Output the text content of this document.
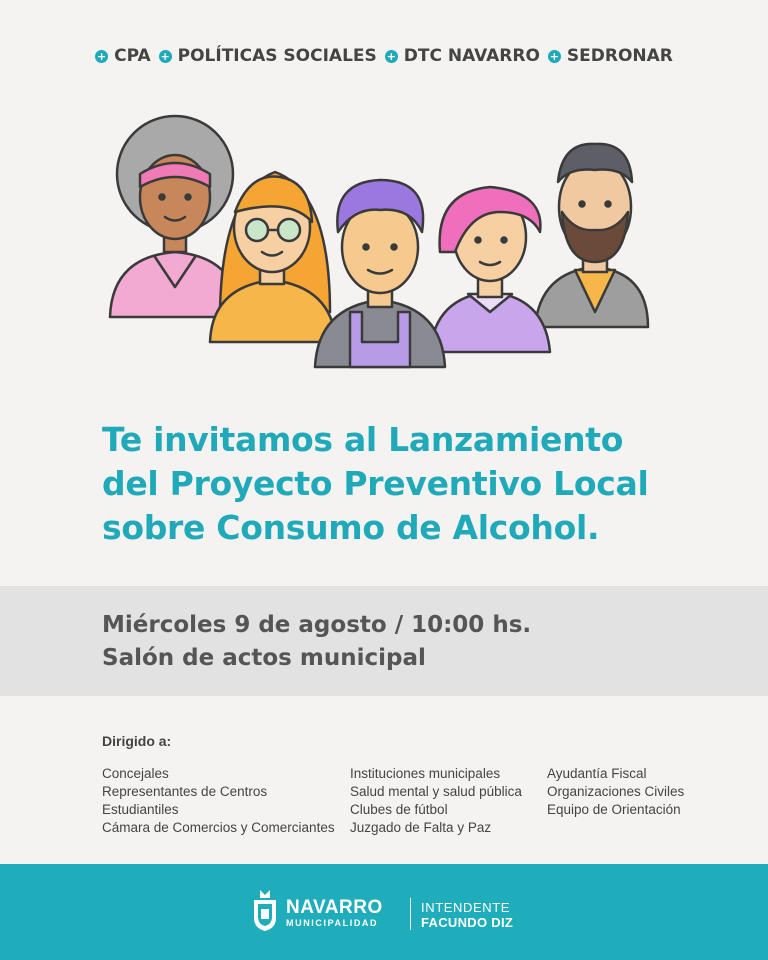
+ CPA + POLÍTICAS SOCIALES + DTC NAVARRO + SEDRONAR
Te invitamos al Lanzamiento
del Proyecto Preventivo Local
sobre Consumo de Alcohol.
Miércoles 9 de agosto / 10:00 hs.
Salón de actos municipal
Dirigido a:
Concejales
Representantes de Centros
Estudiantiles
Cámara de Comercios y Comerciantes
Instituciones municipales
Salud mental y salud pública
Clubes de fútbol
Juzgado de Falta y Paz
Ayudantía Fiscal
Organizaciones Civiles
Equipo de Orientación
NAVARRO
MUNICIPALIDAD
INTENDENTE
FACUNDO DIZ
